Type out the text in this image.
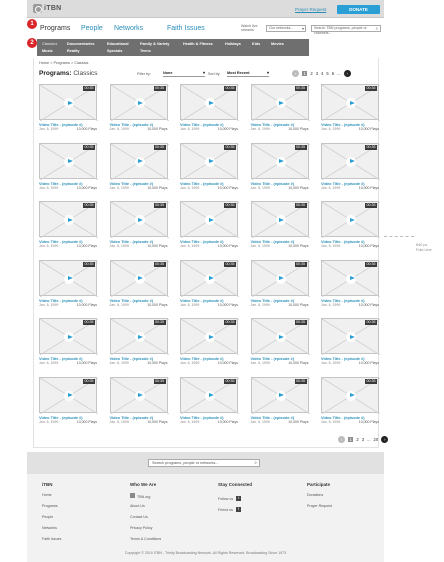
iTBN	Prayer Request	DONATE
1
Programs People Networks	Faith Issues	Watch live streams	Our networks... ▾	Search TBN programs, people or channels...
⌕
2	Classics	Documentaries	Educational	Family & Variety	Health & Fitness	Holidays	Kids	Movies
Music	Reality	Specials	Teens
Home > Programs > Classics
Programs: Classics	Filter by:	None ▾	Sort by: Most Recent ▾	‹	1	2 3 4 5 6 ...	›
00:35
Video Title - (episode #)
Jan. 6, 1999	10,000 Plays
00:35
Video Title - (episode #)
Jan. 6, 1999	10,000 Plays
00:35
Video Title - (episode #)
Jan. 6, 1999	10,000 Plays
00:35
Video Title - (episode #)
Jan. 6, 1999	10,000 Plays
00:35
Video Title - (episode #)
Jan. 6, 1999	10,000 Plays
00:35
Video Title - (episode #)
Jan. 6, 1999	10,000 Plays
00:35
Video Title - (episode #)
Jan. 6, 1999	10,000 Plays
00:35
Video Title - (episode #)
Jan. 6, 1999	10,000 Plays
00:35
Video Title - (episode #)
Jan. 6, 1999	10,000 Plays
00:35
Video Title - (episode #)
Jan. 6, 1999	10,000 Plays
00:35
Video Title - (episode #)
Jan. 6, 1999	10,000 Plays
00:35
Video Title - (episode #)
Jan. 6, 1999	10,000 Plays
00:35
Video Title - (episode #)
Jan. 6, 1999	10,000 Plays
00:35
Video Title - (episode #)
Jan. 6, 1999	10,000 Plays
00:35
Video Title - (episode #)
Jan. 6, 1999	10,000 Plays
00:35
Video Title - (episode #)
Jan. 6, 1999	10,000 Plays
00:35
Video Title - (episode #)
Jan. 6, 1999	10,000 Plays
00:35
Video Title - (episode #)
Jan. 6, 1999	10,000 Plays
00:35
Video Title - (episode #)
Jan. 6, 1999	10,000 Plays
00:35
Video Title - (episode #)
Jan. 6, 1999	10,000 Plays
00:35
Video Title - (episode #)
Jan. 6, 1999	10,000 Plays
00:35
Video Title - (episode #)
Jan. 6, 1999	10,000 Plays
00:35
Video Title - (episode #)
Jan. 6, 1999	10,000 Plays
00:35
Video Title - (episode #)
Jan. 6, 1999	10,000 Plays
00:35
Video Title - (episode #)
Jan. 6, 1999	10,000 Plays
00:35
Video Title - (episode #)
Jan. 6, 1999	10,000 Plays
00:35
Video Title - (episode #)
Jan. 6, 1999	10,000 Plays
00:35
Video Title - (episode #)
Jan. 6, 1999	10,000 Plays
00:35
Video Title - (episode #)
Jan. 6, 1999	10,000 Plays
00:35
Video Title - (episode #)
Jan. 6, 1999	10,000 Plays
‹	1	2 3 ... 20	›
Search programs, people or networks...	⌕
iTBN
Home
Programs
People
Networks
Faith Issues
Who We Are
TBN.org
About Us
Contact Us
Privacy Policy
Terms & Conditions
Stay Connected
Follow us	t
Friend us	f
Participate
Donations
Prayer Request
Copyright © 2010 iTBN - Trinity Broadcasting Network. All Rights Reserved. Broadcasting Since 1973
640 px
Fold Line
